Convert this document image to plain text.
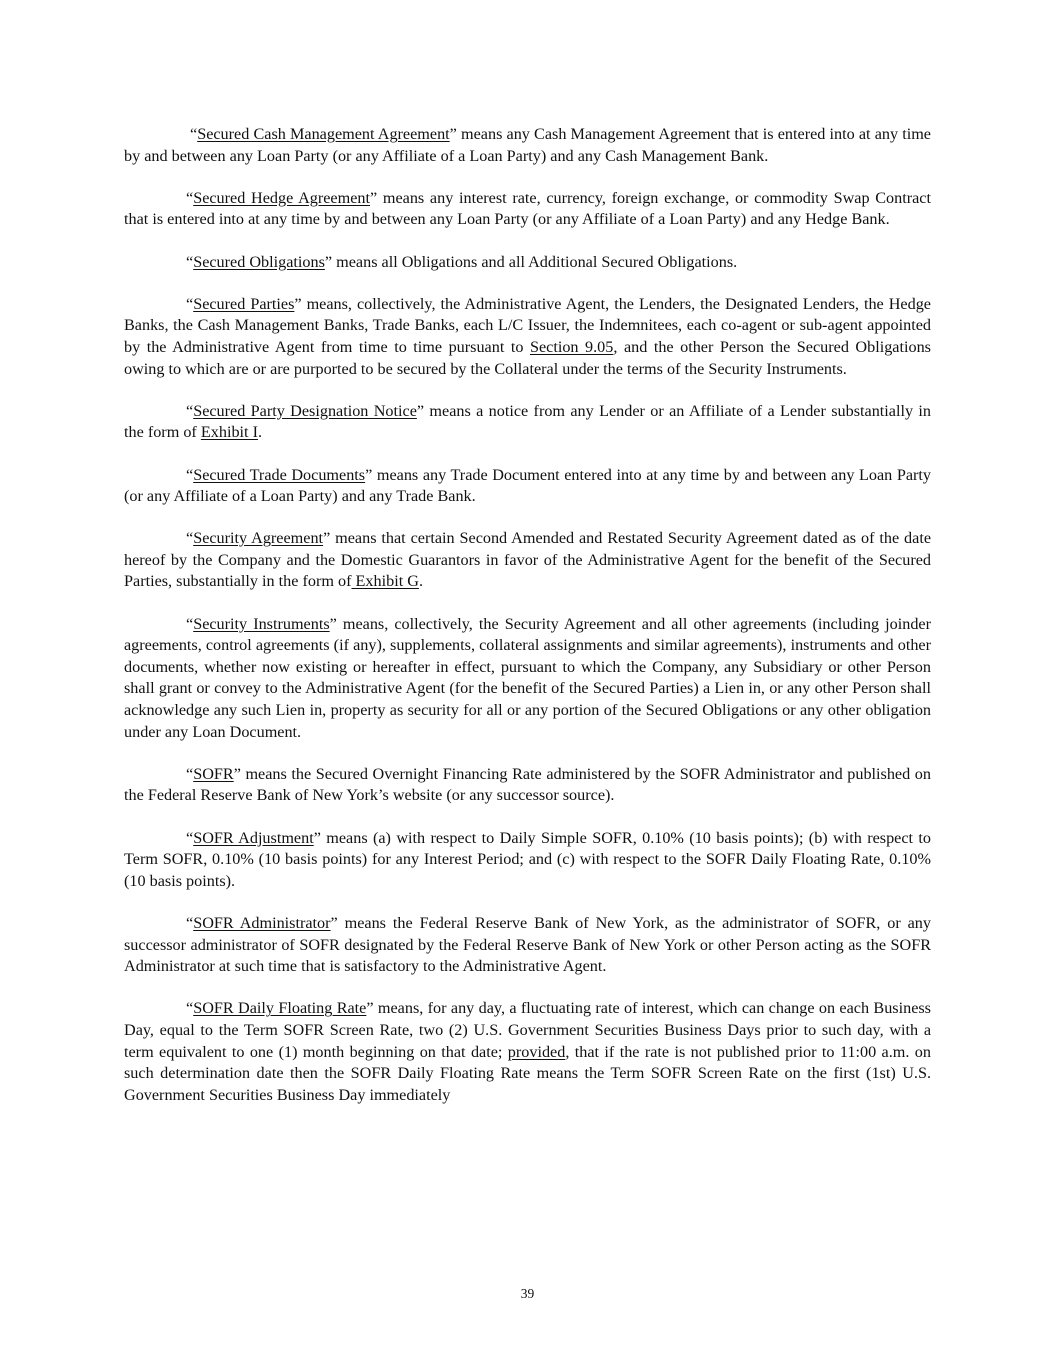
“Secured Cash Management Agreement” means any Cash Management Agreement that is entered into at any time by and between any Loan Party (or any Affiliate of a Loan Party) and any Cash Management Bank.

“Secured Hedge Agreement” means any interest rate, currency, foreign exchange, or commodity Swap Contract that is entered into at any time by and between any Loan Party (or any Affiliate of a Loan Party) and any Hedge Bank.

“Secured Obligations” means all Obligations and all Additional Secured Obligations.

“Secured Parties” means, collectively, the Administrative Agent, the Lenders, the Designated Lenders, the Hedge Banks, the Cash Management Banks, Trade Banks, each L/C Issuer, the Indemnitees, each co-agent or sub-agent appointed by the Administrative Agent from time to time pursuant to Section 9.05, and the other Person the Secured Obligations owing to which are or are purported to be secured by the Collateral under the terms of the Security Instruments.

“Secured Party Designation Notice” means a notice from any Lender or an Affiliate of a Lender substantially in the form of Exhibit I.

“Secured Trade Documents” means any Trade Document entered into at any time by and between any Loan Party (or any Affiliate of a Loan Party) and any Trade Bank.

“Security Agreement” means that certain Second Amended and Restated Security Agreement dated as of the date hereof by the Company and the Domestic Guarantors in favor of the Administrative Agent for the benefit of the Secured Parties, substantially in the form of Exhibit G.

“Security Instruments” means, collectively, the Security Agreement and all other agreements (including joinder agreements, control agreements (if any), supplements, collateral assignments and similar agreements), instruments and other documents, whether now existing or hereafter in effect, pursuant to which the Company, any Subsidiary or other Person shall grant or convey to the Administrative Agent (for the benefit of the Secured Parties) a Lien in, or any other Person shall acknowledge any such Lien in, property as security for all or any portion of the Secured Obligations or any other obligation under any Loan Document.

“SOFR” means the Secured Overnight Financing Rate administered by the SOFR Administrator and published on the Federal Reserve Bank of New York’s website (or any successor source).

“SOFR Adjustment” means (a) with respect to Daily Simple SOFR, 0.10% (10 basis points); (b) with respect to Term SOFR, 0.10% (10 basis points) for any Interest Period; and (c) with respect to the SOFR Daily Floating Rate, 0.10% (10 basis points).

“SOFR Administrator” means the Federal Reserve Bank of New York, as the administrator of SOFR, or any successor administrator of SOFR designated by the Federal Reserve Bank of New York or other Person acting as the SOFR Administrator at such time that is satisfactory to the Administrative Agent.

“SOFR Daily Floating Rate” means, for any day, a fluctuating rate of interest, which can change on each Business Day, equal to the Term SOFR Screen Rate, two (2) U.S. Government Securities Business Days prior to such day, with a term equivalent to one (1) month beginning on that date; provided, that if the rate is not published prior to 11:00 a.m. on such determination date then the SOFR Daily Floating Rate means the Term SOFR Screen Rate on the first (1st) U.S. Government Securities Business Day immediately

39
